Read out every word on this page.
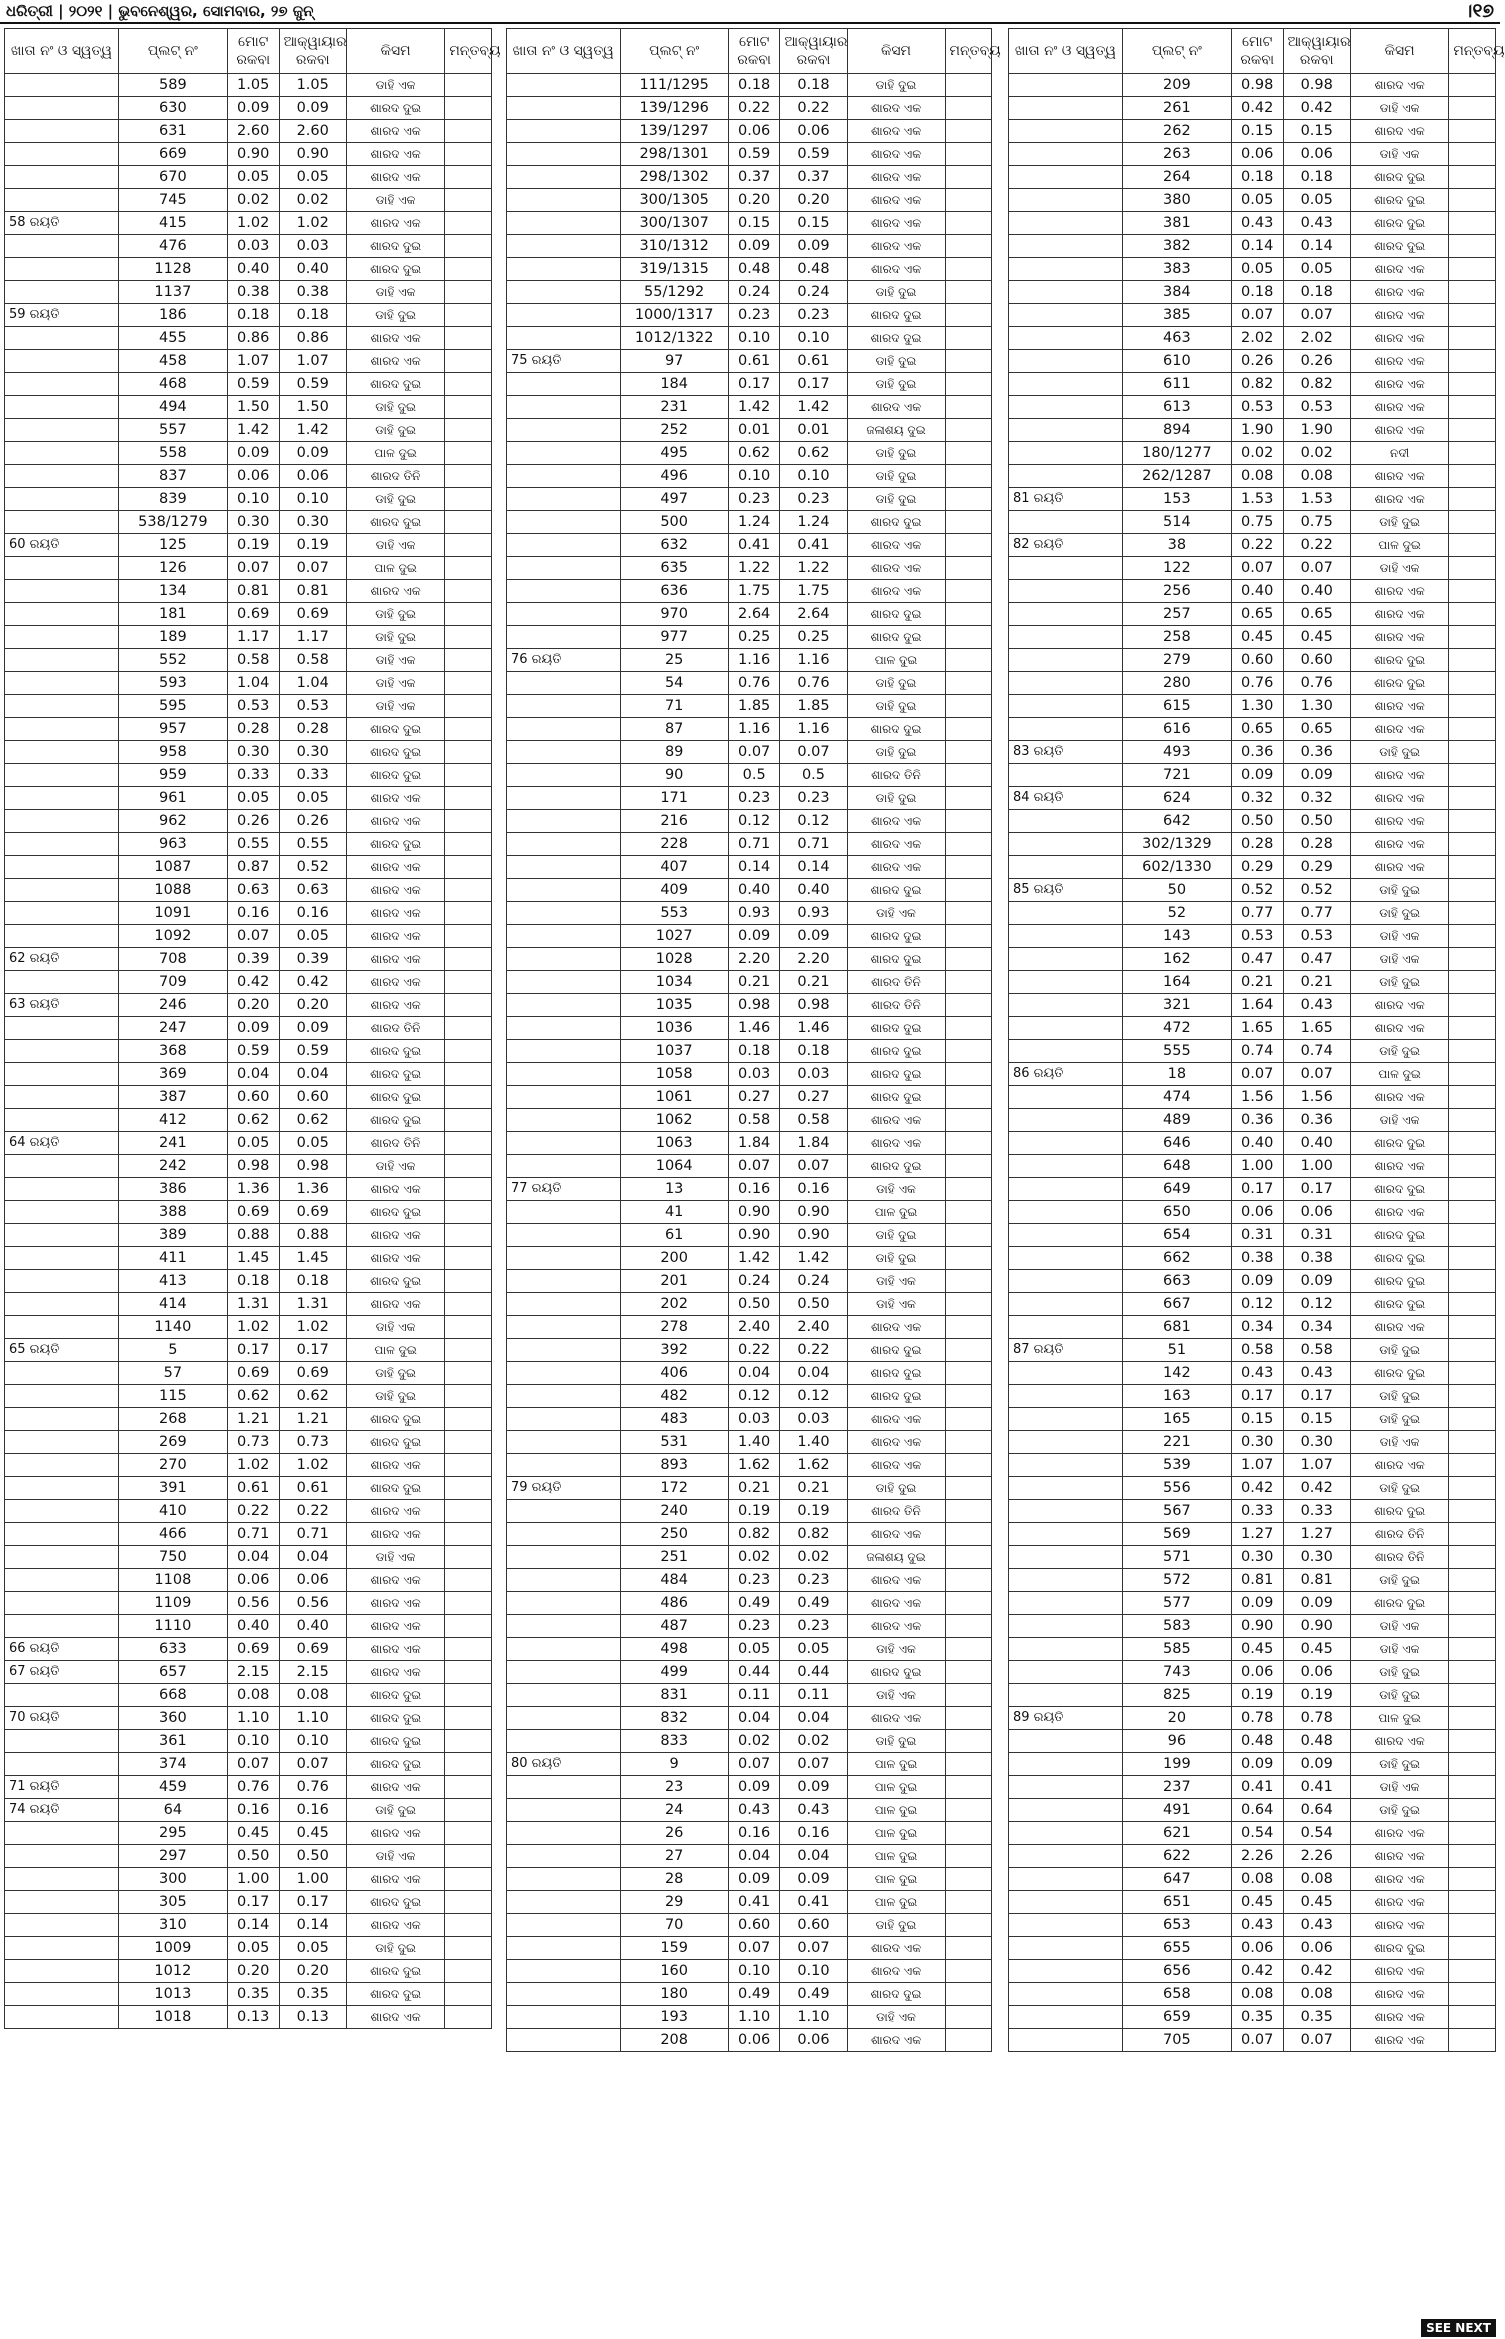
ଧରିତ୍ରୀ | ୨୦୨୧ | ଭୁବନେଶ୍ୱର, ସୋମବାର, ୨୭ ଜୁନ୍	।୧୭
ଖାତା ନଂ ଓ ସ୍ୱତ୍ୱ	ପ୍ଲଟ୍ ନଂ	ମୋଟ ରକବା	ଆକ୍ୱାୟାର ରକବା	କିସମ	ମନ୍ତବ୍ୟ
	589	1.05	1.05	ଡାହି ଏକ	
	630	0.09	0.09	ଶାରଦ ଦୁଇ	
	631	2.60	2.60	ଶାରଦ ଏକ	
	669	0.90	0.90	ଶାରଦ ଏକ	
	670	0.05	0.05	ଶାରଦ ଏକ	
	745	0.02	0.02	ଡାହି ଏକ	
58 ରୟତି	415	1.02	1.02	ଶାରଦ ଏକ	
	476	0.03	0.03	ଶାରଦ ଦୁଇ	
	1128	0.40	0.40	ଶାରଦ ଦୁଇ	
	1137	0.38	0.38	ଡାହି ଏକ	
59 ରୟତି	186	0.18	0.18	ଡାହି ଦୁଇ	
	455	0.86	0.86	ଶାରଦ ଏକ	
	458	1.07	1.07	ଶାରଦ ଏକ	
	468	0.59	0.59	ଶାରଦ ଦୁଇ	
	494	1.50	1.50	ଡାହି ଦୁଇ	
	557	1.42	1.42	ଡାହି ଦୁଇ	
	558	0.09	0.09	ପାଳ ଦୁଇ	
	837	0.06	0.06	ଶାରଦ ତିନି	
	839	0.10	0.10	ଡାହି ଦୁଇ	
	538/1279	0.30	0.30	ଶାରଦ ଦୁଇ	
60 ରୟତି	125	0.19	0.19	ଡାହି ଏକ	
	126	0.07	0.07	ପାଳ ଦୁଇ	
	134	0.81	0.81	ଶାରଦ ଏକ	
	181	0.69	0.69	ଡାହି ଦୁଇ	
	189	1.17	1.17	ଡାହି ଦୁଇ	
	552	0.58	0.58	ଡାହି ଏକ	
	593	1.04	1.04	ଡାହି ଏକ	
	595	0.53	0.53	ଡାହି ଏକ	
	957	0.28	0.28	ଶାରଦ ଦୁଇ	
	958	0.30	0.30	ଶାରଦ ଦୁଇ	
	959	0.33	0.33	ଶାରଦ ଦୁଇ	
	961	0.05	0.05	ଶାରଦ ଏକ	
	962	0.26	0.26	ଶାରଦ ଏକ	
	963	0.55	0.55	ଶାରଦ ଦୁଇ	
	1087	0.87	0.52	ଶାରଦ ଏକ	
	1088	0.63	0.63	ଶାରଦ ଏକ	
	1091	0.16	0.16	ଶାରଦ ଏକ	
	1092	0.07	0.05	ଶାରଦ ଏକ	
62 ରୟତି	708	0.39	0.39	ଶାରଦ ଏକ	
	709	0.42	0.42	ଶାରଦ ଏକ	
63 ରୟତି	246	0.20	0.20	ଶାରଦ ଏକ	
	247	0.09	0.09	ଶାରଦ ତିନି	
	368	0.59	0.59	ଶାରଦ ଦୁଇ	
	369	0.04	0.04	ଶାରଦ ଦୁଇ	
	387	0.60	0.60	ଶାରଦ ଦୁଇ	
	412	0.62	0.62	ଶାରଦ ଦୁଇ	
64 ରୟତି	241	0.05	0.05	ଶାରଦ ତିନି	
	242	0.98	0.98	ଡାହି ଏକ	
	386	1.36	1.36	ଶାରଦ ଏକ	
	388	0.69	0.69	ଶାରଦ ଦୁଇ	
	389	0.88	0.88	ଶାରଦ ଏକ	
	411	1.45	1.45	ଶାରଦ ଏକ	
	413	0.18	0.18	ଶାରଦ ଦୁଇ	
	414	1.31	1.31	ଶାରଦ ଏକ	
	1140	1.02	1.02	ଡାହି ଏକ	
65 ରୟତି	5	0.17	0.17	ପାଳ ଦୁଇ	
	57	0.69	0.69	ଡାହି ଦୁଇ	
	115	0.62	0.62	ଡାହି ଦୁଇ	
	268	1.21	1.21	ଶାରଦ ଦୁଇ	
	269	0.73	0.73	ଶାରଦ ଦୁଇ	
	270	1.02	1.02	ଶାରଦ ଏକ	
	391	0.61	0.61	ଶାରଦ ଦୁଇ	
	410	0.22	0.22	ଶାରଦ ଏକ	
	466	0.71	0.71	ଶାରଦ ଏକ	
	750	0.04	0.04	ଡାହି ଏକ	
	1108	0.06	0.06	ଶାରଦ ଏକ	
	1109	0.56	0.56	ଶାରଦ ଏକ	
	1110	0.40	0.40	ଶାରଦ ଏକ	
66 ରୟତି	633	0.69	0.69	ଶାରଦ ଏକ	
67 ରୟତି	657	2.15	2.15	ଶାରଦ ଏକ	
	668	0.08	0.08	ଶାରଦ ଦୁଇ	
70 ରୟତି	360	1.10	1.10	ଶାରଦ ଦୁଇ	
	361	0.10	0.10	ଶାରଦ ଦୁଇ	
	374	0.07	0.07	ଶାରଦ ଦୁଇ	
71 ରୟତି	459	0.76	0.76	ଶାରଦ ଏକ	
74 ରୟତି	64	0.16	0.16	ଡାହି ଦୁଇ	
	295	0.45	0.45	ଶାରଦ ଏକ	
	297	0.50	0.50	ଡାହି ଏକ	
	300	1.00	1.00	ଶାରଦ ଏକ	
	305	0.17	0.17	ଶାରଦ ଦୁଇ	
	310	0.14	0.14	ଶାରଦ ଏକ	
	1009	0.05	0.05	ଡାହି ଦୁଇ	
	1012	0.20	0.20	ଶାରଦ ଦୁଇ	
	1013	0.35	0.35	ଶାରଦ ଦୁଇ	
	1018	0.13	0.13	ଶାରଦ ଏକ	
ଖାତା ନଂ ଓ ସ୍ୱତ୍ୱ	ପ୍ଲଟ୍ ନଂ	ମୋଟ ରକବା	ଆକ୍ୱାୟାର ରକବା	କିସମ	ମନ୍ତବ୍ୟ
	111/1295	0.18	0.18	ଡାହି ଦୁଇ	
	139/1296	0.22	0.22	ଶାରଦ ଏକ	
	139/1297	0.06	0.06	ଶାରଦ ଏକ	
	298/1301	0.59	0.59	ଶାରଦ ଏକ	
	298/1302	0.37	0.37	ଶାରଦ ଏକ	
	300/1305	0.20	0.20	ଶାରଦ ଏକ	
	300/1307	0.15	0.15	ଶାରଦ ଏକ	
	310/1312	0.09	0.09	ଶାରଦ ଏକ	
	319/1315	0.48	0.48	ଶାରଦ ଏକ	
	55/1292	0.24	0.24	ଡାହି ଦୁଇ	
	1000/1317	0.23	0.23	ଶାରଦ ଦୁଇ	
	1012/1322	0.10	0.10	ଶାରଦ ଦୁଇ	
75 ରୟତି	97	0.61	0.61	ଡାହି ଦୁଇ	
	184	0.17	0.17	ଡାହି ଦୁଇ	
	231	1.42	1.42	ଶାରଦ ଏକ	
	252	0.01	0.01	ଜଳାଶୟ ଦୁଇ	
	495	0.62	0.62	ଡାହି ଦୁଇ	
	496	0.10	0.10	ଡାହି ଦୁଇ	
	497	0.23	0.23	ଡାହି ଦୁଇ	
	500	1.24	1.24	ଶାରଦ ଦୁଇ	
	632	0.41	0.41	ଶାରଦ ଏକ	
	635	1.22	1.22	ଶାରଦ ଏକ	
	636	1.75	1.75	ଶାରଦ ଏକ	
	970	2.64	2.64	ଶାରଦ ଦୁଇ	
	977	0.25	0.25	ଶାରଦ ଦୁଇ	
76 ରୟତି	25	1.16	1.16	ପାଳ ଦୁଇ	
	54	0.76	0.76	ଡାହି ଦୁଇ	
	71	1.85	1.85	ଡାହି ଦୁଇ	
	87	1.16	1.16	ଶାରଦ ଦୁଇ	
	89	0.07	0.07	ଡାହି ଦୁଇ	
	90	0.5	0.5	ଶାରଦ ତିନି	
	171	0.23	0.23	ଡାହି ଦୁଇ	
	216	0.12	0.12	ଶାରଦ ଏକ	
	228	0.71	0.71	ଶାରଦ ଏକ	
	407	0.14	0.14	ଶାରଦ ଏକ	
	409	0.40	0.40	ଶାରଦ ଦୁଇ	
	553	0.93	0.93	ଡାହି ଏକ	
	1027	0.09	0.09	ଶାରଦ ଦୁଇ	
	1028	2.20	2.20	ଶାରଦ ଦୁଇ	
	1034	0.21	0.21	ଶାରଦ ତିନି	
	1035	0.98	0.98	ଶାରଦ ତିନି	
	1036	1.46	1.46	ଶାରଦ ଦୁଇ	
	1037	0.18	0.18	ଶାରଦ ଦୁଇ	
	1058	0.03	0.03	ଶାରଦ ଦୁଇ	
	1061	0.27	0.27	ଶାରଦ ଦୁଇ	
	1062	0.58	0.58	ଶାରଦ ଏକ	
	1063	1.84	1.84	ଶାରଦ ଏକ	
	1064	0.07	0.07	ଶାରଦ ଦୁଇ	
77 ରୟତି	13	0.16	0.16	ଡାହି ଏକ	
	41	0.90	0.90	ପାଳ ଦୁଇ	
	61	0.90	0.90	ଡାହି ଦୁଇ	
	200	1.42	1.42	ଡାହି ଦୁଇ	
	201	0.24	0.24	ଡାହି ଏକ	
	202	0.50	0.50	ଡାହି ଏକ	
	278	2.40	2.40	ଶାରଦ ଏକ	
	392	0.22	0.22	ଶାରଦ ଦୁଇ	
	406	0.04	0.04	ଶାରଦ ଦୁଇ	
	482	0.12	0.12	ଶାରଦ ଦୁଇ	
	483	0.03	0.03	ଶାରଦ ଏକ	
	531	1.40	1.40	ଶାରଦ ଏକ	
	893	1.62	1.62	ଶାରଦ ଏକ	
79 ରୟତି	172	0.21	0.21	ଡାହି ଦୁଇ	
	240	0.19	0.19	ଶାରଦ ତିନି	
	250	0.82	0.82	ଶାରଦ ଏକ	
	251	0.02	0.02	ଜଳାଶୟ ଦୁଇ	
	484	0.23	0.23	ଶାରଦ ଏକ	
	486	0.49	0.49	ଶାରଦ ଏକ	
	487	0.23	0.23	ଶାରଦ ଏକ	
	498	0.05	0.05	ଡାହି ଏକ	
	499	0.44	0.44	ଶାରଦ ଦୁଇ	
	831	0.11	0.11	ଡାହି ଏକ	
	832	0.04	0.04	ଶାରଦ ଏକ	
	833	0.02	0.02	ଡାହି ଦୁଇ	
80 ରୟତି	9	0.07	0.07	ପାଳ ଦୁଇ	
	23	0.09	0.09	ପାଳ ଦୁଇ	
	24	0.43	0.43	ପାଳ ଦୁଇ	
	26	0.16	0.16	ପାଳ ଦୁଇ	
	27	0.04	0.04	ପାଳ ଦୁଇ	
	28	0.09	0.09	ପାଳ ଦୁଇ	
	29	0.41	0.41	ପାଳ ଦୁଇ	
	70	0.60	0.60	ଡାହି ଦୁଇ	
	159	0.07	0.07	ଶାରଦ ଏକ	
	160	0.10	0.10	ଶାରଦ ଏକ	
	180	0.49	0.49	ଶାରଦ ଦୁଇ	
	193	1.10	1.10	ଡାହି ଏକ	
	208	0.06	0.06	ଶାରଦ ଏକ	
ଖାତା ନଂ ଓ ସ୍ୱତ୍ୱ	ପ୍ଲଟ୍ ନଂ	ମୋଟ ରକବା	ଆକ୍ୱାୟାର ରକବା	କିସମ	ମନ୍ତବ୍ୟ
	209	0.98	0.98	ଶାରଦ ଏକ	
	261	0.42	0.42	ଡାହି ଏକ	
	262	0.15	0.15	ଶାରଦ ଏକ	
	263	0.06	0.06	ଡାହି ଏକ	
	264	0.18	0.18	ଶାରଦ ଦୁଇ	
	380	0.05	0.05	ଶାରଦ ଦୁଇ	
	381	0.43	0.43	ଶାରଦ ଦୁଇ	
	382	0.14	0.14	ଶାରଦ ଦୁଇ	
	383	0.05	0.05	ଶାରଦ ଏକ	
	384	0.18	0.18	ଶାରଦ ଏକ	
	385	0.07	0.07	ଶାରଦ ଏକ	
	463	2.02	2.02	ଶାରଦ ଏକ	
	610	0.26	0.26	ଶାରଦ ଏକ	
	611	0.82	0.82	ଶାରଦ ଏକ	
	613	0.53	0.53	ଶାରଦ ଏକ	
	894	1.90	1.90	ଶାରଦ ଏକ	
	180/1277	0.02	0.02	ନଦୀ	
	262/1287	0.08	0.08	ଶାରଦ ଏକ	
81 ରୟତି	153	1.53	1.53	ଶାରଦ ଏକ	
	514	0.75	0.75	ଡାହି ଦୁଇ	
82 ରୟତି	38	0.22	0.22	ପାଳ ଦୁଇ	
	122	0.07	0.07	ଡାହି ଏକ	
	256	0.40	0.40	ଶାରଦ ଏକ	
	257	0.65	0.65	ଶାରଦ ଏକ	
	258	0.45	0.45	ଶାରଦ ଏକ	
	279	0.60	0.60	ଶାରଦ ଦୁଇ	
	280	0.76	0.76	ଶାରଦ ଦୁଇ	
	615	1.30	1.30	ଶାରଦ ଏକ	
	616	0.65	0.65	ଶାରଦ ଏକ	
83 ରୟତି	493	0.36	0.36	ଡାହି ଦୁଇ	
	721	0.09	0.09	ଶାରଦ ଏକ	
84 ରୟତି	624	0.32	0.32	ଶାରଦ ଏକ	
	642	0.50	0.50	ଶାରଦ ଏକ	
	302/1329	0.28	0.28	ଶାରଦ ଏକ	
	602/1330	0.29	0.29	ଶାରଦ ଏକ	
85 ରୟତି	50	0.52	0.52	ଡାହି ଦୁଇ	
	52	0.77	0.77	ଡାହି ଦୁଇ	
	143	0.53	0.53	ଡାହି ଏକ	
	162	0.47	0.47	ଡାହି ଏକ	
	164	0.21	0.21	ଡାହି ଦୁଇ	
	321	1.64	0.43	ଶାରଦ ଏକ	
	472	1.65	1.65	ଶାରଦ ଏକ	
	555	0.74	0.74	ଡାହି ଦୁଇ	
86 ରୟତି	18	0.07	0.07	ପାଳ ଦୁଇ	
	474	1.56	1.56	ଶାରଦ ଏକ	
	489	0.36	0.36	ଡାହି ଏକ	
	646	0.40	0.40	ଶାରଦ ଦୁଇ	
	648	1.00	1.00	ଶାରଦ ଏକ	
	649	0.17	0.17	ଶାରଦ ଦୁଇ	
	650	0.06	0.06	ଶାରଦ ଏକ	
	654	0.31	0.31	ଶାରଦ ଦୁଇ	
	662	0.38	0.38	ଶାରଦ ଦୁଇ	
	663	0.09	0.09	ଶାରଦ ଦୁଇ	
	667	0.12	0.12	ଶାରଦ ଦୁଇ	
	681	0.34	0.34	ଶାରଦ ଏକ	
87 ରୟତି	51	0.58	0.58	ଡାହି ଦୁଇ	
	142	0.43	0.43	ଶାରଦ ଦୁଇ	
	163	0.17	0.17	ଡାହି ଦୁଇ	
	165	0.15	0.15	ଡାହି ଦୁଇ	
	221	0.30	0.30	ଡାହି ଏକ	
	539	1.07	1.07	ଶାରଦ ଏକ	
	556	0.42	0.42	ଡାହି ଦୁଇ	
	567	0.33	0.33	ଶାରଦ ଦୁଇ	
	569	1.27	1.27	ଶାରଦ ତିନି	
	571	0.30	0.30	ଶାରଦ ତିନି	
	572	0.81	0.81	ଡାହି ଦୁଇ	
	577	0.09	0.09	ଶାରଦ ଦୁଇ	
	583	0.90	0.90	ଡାହି ଏକ	
	585	0.45	0.45	ଡାହି ଏକ	
	743	0.06	0.06	ଡାହି ଦୁଇ	
	825	0.19	0.19	ଡାହି ଦୁଇ	
89 ରୟତି	20	0.78	0.78	ପାଳ ଦୁଇ	
	96	0.48	0.48	ଶାରଦ ଏକ	
	199	0.09	0.09	ଡାହି ଦୁଇ	
	237	0.41	0.41	ଡାହି ଏକ	
	491	0.64	0.64	ଡାହି ଦୁଇ	
	621	0.54	0.54	ଶାରଦ ଏକ	
	622	2.26	2.26	ଶାରଦ ଏକ	
	647	0.08	0.08	ଶାରଦ ଏକ	
	651	0.45	0.45	ଶାରଦ ଏକ	
	653	0.43	0.43	ଶାରଦ ଏକ	
	655	0.06	0.06	ଶାରଦ ଦୁଇ	
	656	0.42	0.42	ଶାରଦ ଏକ	
	658	0.08	0.08	ଶାରଦ ଏକ	
	659	0.35	0.35	ଶାରଦ ଏକ	
	705	0.07	0.07	ଶାରଦ ଏକ	
SEE NEXT
